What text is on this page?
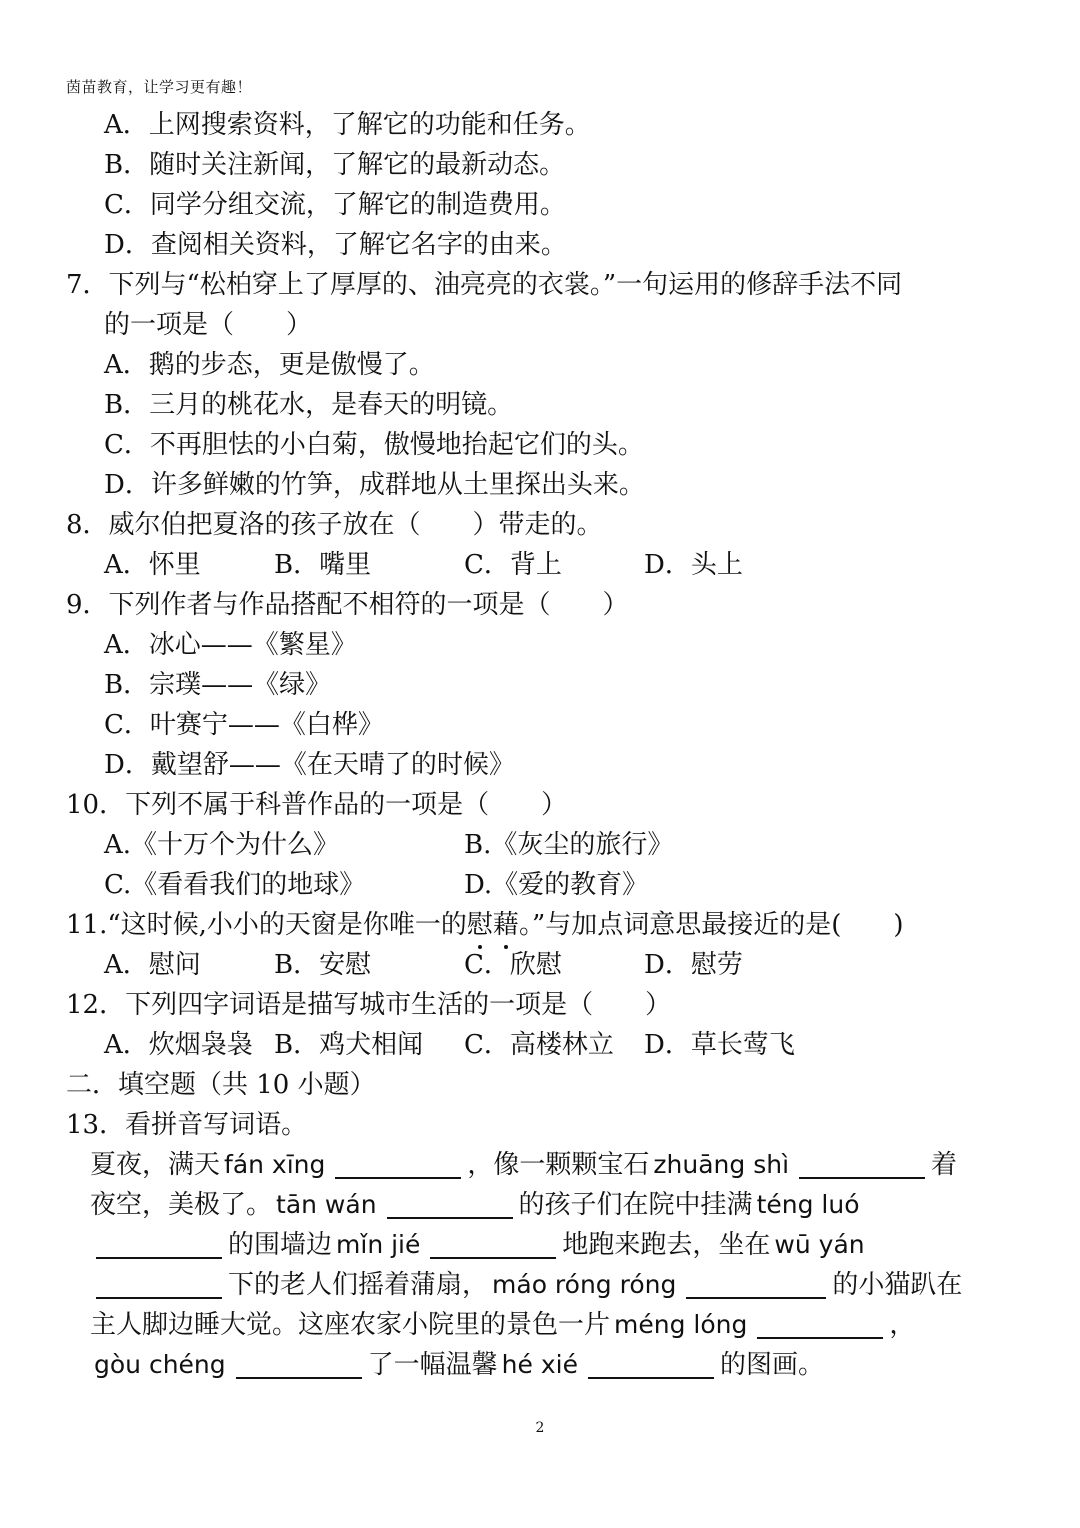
茵苗教育，让学习更有趣！
A．上网搜索资料，了解它的功能和任务。
B．随时关注新闻，了解它的最新动态。
C．同学分组交流，了解它的制造费用。
D．查阅相关资料，了解它名字的由来。
7．下列与“松柏穿上了厚厚的、油亮亮的衣裳。”一句运用的修辞手法不同
的一项是（　　）
A．鹅的步态，更是傲慢了。
B．三月的桃花水，是春天的明镜。
C．不再胆怯的小白菊，傲慢地抬起它们的头。
D．许多鲜嫩的竹笋，成群地从土里探出头来。
8．威尔伯把夏洛的孩子放在（　　）带走的。
A．怀里	B．嘴里	C．背上	D．头上
9．下列作者与作品搭配不相符的一项是（　　）
A．冰心——《繁星》
B．宗璞——《绿》
C．叶赛宁——《白桦》
D．戴望舒——《在天晴了的时候》
10．下列不属于科普作品的一项是（　　）
A.《十万个为什么》	B.《灰尘的旅行》
C.《看看我们的地球》	D.《爱的教育》
11.“这时候,小小的天窗是你唯一的慰藉。”与加点词意思最接近的是(　　)
A．慰问	B．安慰	C．欣慰	D．慰劳
12．下列四字词语是描写城市生活的一项是（　　）
A．炊烟袅袅 B．鸡犬相闻 C．高楼林立 D．草长莺飞
二．填空题（共 10 小题）
13．看拼音写词语。
夏夜，满天 fán xīng	，像一颗颗宝石 zhuāng shì	着
夜空，美极了。 tān wán	的孩子们在院中挂满 téng luó
的围墙边 mǐn jié	地跑来跑去，坐在 wū yán
下的老人们摇着蒲扇， máo róng róng	的小猫趴在
主人脚边睡大觉。这座农家小院里的景色一片 méng lóng	，
gòu chéng	了一幅温馨 hé xié	的图画。
2
